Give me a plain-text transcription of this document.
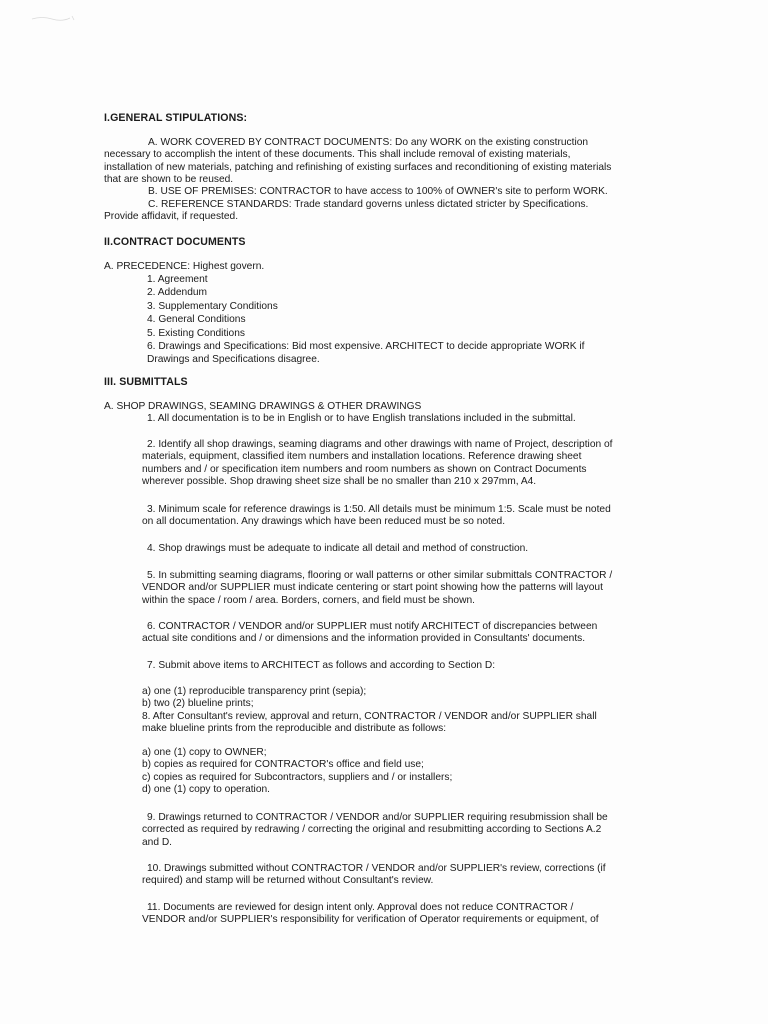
I.GENERAL STIPULATIONS:
A. WORK COVERED BY CONTRACT DOCUMENTS: Do any WORK on the existing construction
necessary to accomplish the intent of these documents. This shall include removal of existing materials,
installation of new materials, patching and refinishing of existing surfaces and reconditioning of existing materials
that are shown to be reused.
B. USE OF PREMISES: CONTRACTOR to have access to 100% of OWNER's site to perform WORK.
C. REFERENCE STANDARDS: Trade standard governs unless dictated stricter by Specifications.
Provide affidavit, if requested.
II.CONTRACT DOCUMENTS
A. PRECEDENCE: Highest govern.
1. Agreement
2. Addendum
3. Supplementary Conditions
4. General Conditions
5. Existing Conditions
6. Drawings and Specifications: Bid most expensive. ARCHITECT to decide appropriate WORK if
Drawings and Specifications disagree.
III. SUBMITTALS
A. SHOP DRAWINGS, SEAMING DRAWINGS & OTHER DRAWINGS
1. All documentation is to be in English or to have English translations included in the submittal.
2. Identify all shop drawings, seaming diagrams and other drawings with name of Project, description of
materials, equipment, classified item numbers and installation locations. Reference drawing sheet
numbers and / or specification item numbers and room numbers as shown on Contract Documents
wherever possible. Shop drawing sheet size shall be no smaller than 210 x 297mm, A4.
3. Minimum scale for reference drawings is 1:50. All details must be minimum 1:5. Scale must be noted
on all documentation. Any drawings which have been reduced must be so noted.
4. Shop drawings must be adequate to indicate all detail and method of construction.
5. In submitting seaming diagrams, flooring or wall patterns or other similar submittals CONTRACTOR /
VENDOR and/or SUPPLIER must indicate centering or start point showing how the patterns will layout
within the space / room / area. Borders, corners, and field must be shown.
6. CONTRACTOR / VENDOR and/or SUPPLIER must notify ARCHITECT of discrepancies between
actual site conditions and / or dimensions and the information provided in Consultants' documents.
7. Submit above items to ARCHITECT as follows and according to Section D:
a) one (1) reproducible transparency print (sepia);
b) two (2) blueline prints;
8. After Consultant's review, approval and return, CONTRACTOR / VENDOR and/or SUPPLIER shall
make blueline prints from the reproducible and distribute as follows:
a) one (1) copy to OWNER;
b) copies as required for CONTRACTOR's office and field use;
c) copies as required for Subcontractors, suppliers and / or installers;
d) one (1) copy to operation.
9. Drawings returned to CONTRACTOR / VENDOR and/or SUPPLIER requiring resubmission shall be
corrected as required by redrawing / correcting the original and resubmitting according to Sections A.2
and D.
10. Drawings submitted without CONTRACTOR / VENDOR and/or SUPPLIER's review, corrections (if
required) and stamp will be returned without Consultant's review.
11. Documents are reviewed for design intent only. Approval does not reduce CONTRACTOR /
VENDOR and/or SUPPLIER's responsibility for verification of Operator requirements or equipment, of
